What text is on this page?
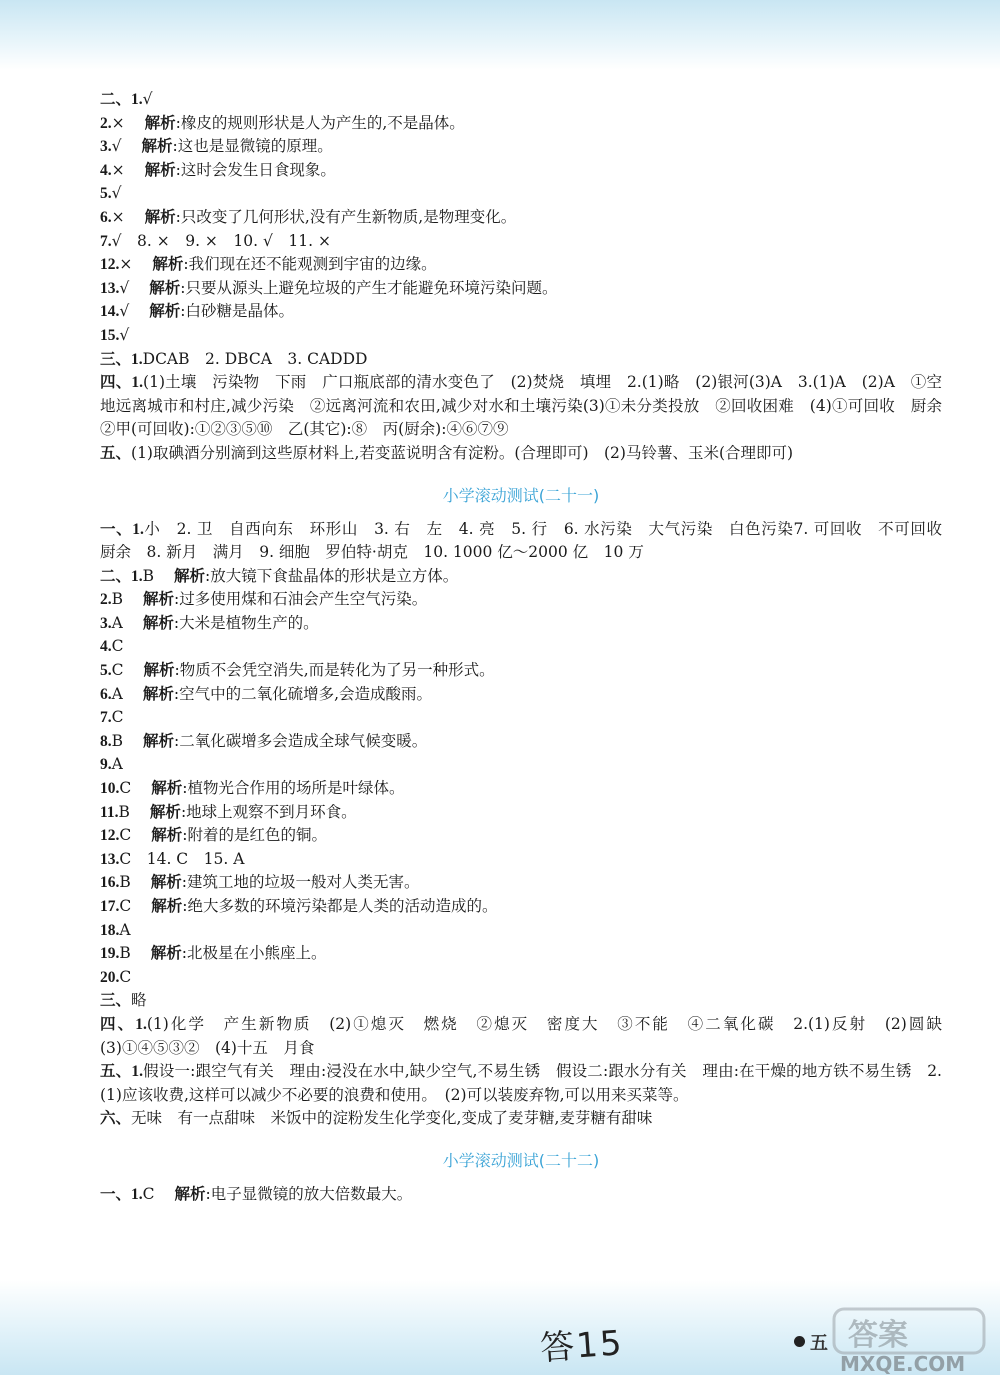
二、1.√
2.× 解析:橡皮的规则形状是人为产生的,不是晶体。
3.√ 解析:这也是显微镜的原理。
4.× 解析:这时会发生日食现象。
5.√
6.× 解析:只改变了几何形状,没有产生新物质,是物理变化。
7.√　8. ×　9. ×　10. √　11. ×
12.× 解析:我们现在还不能观测到宇宙的边缘。
13.√ 解析:只要从源头上避免垃圾的产生才能避免环境污染问题。
14.√ 解析:白砂糖是晶体。
15.√
三、1.DCAB　2. DBCA　3. CADDD
四、1.(1)土壤　污染物　下雨　广口瓶底部的清水变色了　(2)焚烧　填埋　2.(1)略　(2)银河(3)A　3.(1)A　(2)A　①空地远离城市和村庄,减少污染　②远离河流和农田,减少对水和土壤污染(3)①未分类投放　②回收困难　(4)①可回收　厨余　②甲(可回收):①②③⑤⑩　乙(其它):⑧　丙(厨余):④⑥⑦⑨
五、(1)取碘酒分别滴到这些原材料上,若变蓝说明含有淀粉。(合理即可)　(2)马铃薯、玉米(合理即可)
小学滚动测试(二十一)
一、1.小　2. 卫　自西向东　环形山　3. 右　左　4. 亮　5. 行　6. 水污染　大气污染　白色污染7. 可回收　不可回收　厨余　8. 新月　满月　9. 细胞　罗伯特·胡克　10. 1000 亿～2000 亿　10 万
二、1.B 解析:放大镜下食盐晶体的形状是立方体。
2.B 解析:过多使用煤和石油会产生空气污染。
3.A 解析:大米是植物生产的。
4.C
5.C 解析:物质不会凭空消失,而是转化为了另一种形式。
6.A 解析:空气中的二氧化硫增多,会造成酸雨。
7.C
8.B 解析:二氧化碳增多会造成全球气候变暖。
9.A
10.C 解析:植物光合作用的场所是叶绿体。
11.B 解析:地球上观察不到月环食。
12.C 解析:附着的是红色的铜。
13.C　14. C　15. A
16.B 解析:建筑工地的垃圾一般对人类无害。
17.C 解析:绝大多数的环境污染都是人类的活动造成的。
18.A
19.B 解析:北极星在小熊座上。
20.C
三、略
四、1.(1)化学　产生新物质　(2)①熄灭　燃烧　②熄灭　密度大　③不能　④二氧化碳　2.(1)反射　(2)圆缺　(3)①④⑤③②　(4)十五　月食
五、1.假设一:跟空气有关　理由:浸没在水中,缺少空气,不易生锈　假设二:跟水分有关　理由:在干燥的地方铁不易生锈　2.(1)应该收费,这样可以减少不必要的浪费和使用。　(2)可以装废弃物,可以用来买菜等。
六、无味　有一点甜味　米饭中的淀粉发生化学变化,变成了麦芽糖,麦芽糖有甜味
小学滚动测试(二十二)
一、1.C 解析:电子显微镜的放大倍数最大。
答15	五 答案
MXQE.COM
